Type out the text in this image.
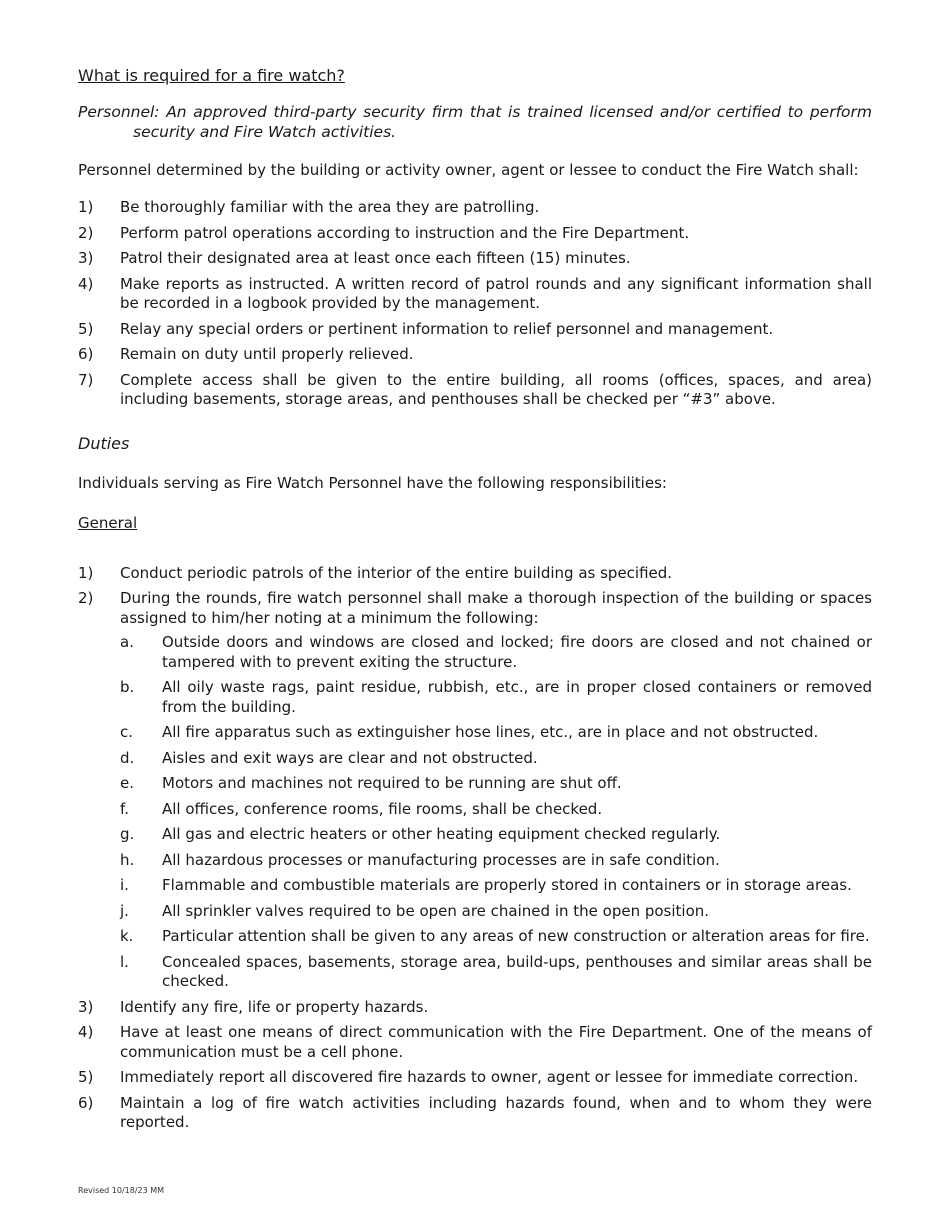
What is required for a fire watch?

Personnel: An approved third-party security firm that is trained licensed and/or certified to perform security and Fire Watch activities.

Personnel determined by the building or activity owner, agent or lessee to conduct the Fire Watch shall:

1) Be thoroughly familiar with the area they are patrolling.
2) Perform patrol operations according to instruction and the Fire Department.
3) Patrol their designated area at least once each fifteen (15) minutes.
4) Make reports as instructed. A written record of patrol rounds and any significant information shall be recorded in a logbook provided by the management.
5) Relay any special orders or pertinent information to relief personnel and management.
6) Remain on duty until properly relieved.
7) Complete access shall be given to the entire building, all rooms (offices, spaces, and area) including basements, storage areas, and penthouses shall be checked per “#3” above.

Duties

Individuals serving as Fire Watch Personnel have the following responsibilities:

General

1) Conduct periodic patrols of the interior of the entire building as specified.
2) During the rounds, fire watch personnel shall make a thorough inspection of the building or spaces assigned to him/her noting at a minimum the following:
a. Outside doors and windows are closed and locked; fire doors are closed and not chained or tampered with to prevent exiting the structure.
b. All oily waste rags, paint residue, rubbish, etc., are in proper closed containers or removed from the building.
c. All fire apparatus such as extinguisher hose lines, etc., are in place and not obstructed.
d. Aisles and exit ways are clear and not obstructed.
e. Motors and machines not required to be running are shut off.
f. All offices, conference rooms, file rooms, shall be checked.
g. All gas and electric heaters or other heating equipment checked regularly.
h. All hazardous processes or manufacturing processes are in safe condition.
i. Flammable and combustible materials are properly stored in containers or in storage areas.
j. All sprinkler valves required to be open are chained in the open position.
k. Particular attention shall be given to any areas of new construction or alteration areas for fire.
l. Concealed spaces, basements, storage area, build-ups, penthouses and similar areas shall be checked.
3) Identify any fire, life or property hazards.
4) Have at least one means of direct communication with the Fire Department. One of the means of communication must be a cell phone.
5) Immediately report all discovered fire hazards to owner, agent or lessee for immediate correction.
6) Maintain a log of fire watch activities including hazards found, when and to whom they were reported.
Revised 10/18/23 MM
